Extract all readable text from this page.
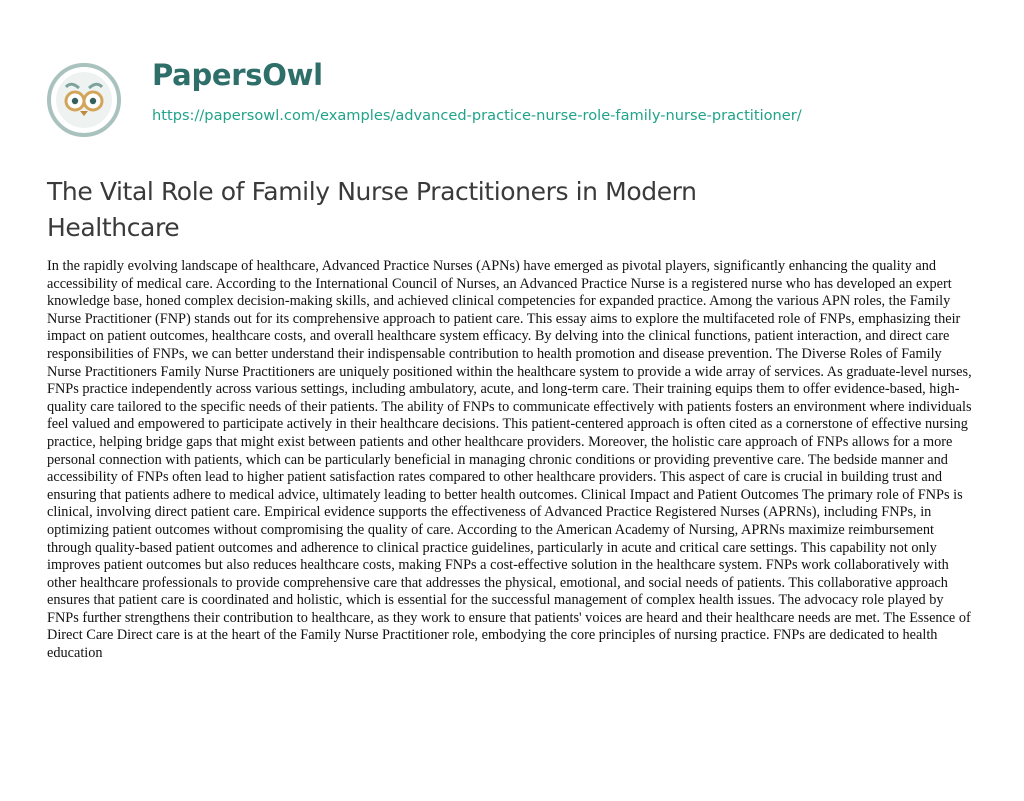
PapersOwl
https://papersowl.com/examples/advanced-practice-nurse-role-family-nurse-practitioner/
The Vital Role of Family Nurse Practitioners in Modern Healthcare

In the rapidly evolving landscape of healthcare, Advanced Practice Nurses (APNs) have emerged as pivotal players, significantly enhancing the quality and accessibility of medical care. According to the International Council of Nurses, an Advanced Practice Nurse is a registered nurse who has developed an expert knowledge base, honed complex decision-making skills, and achieved clinical competencies for expanded practice. Among the various APN roles, the Family Nurse Practitioner (FNP) stands out for its comprehensive approach to patient care. This essay aims to explore the multifaceted role of FNPs, emphasizing their impact on patient outcomes, healthcare costs, and overall healthcare system efficacy. By delving into the clinical functions, patient interaction, and direct care responsibilities of FNPs, we can better understand their indispensable contribution to health promotion and disease prevention. The Diverse Roles of Family Nurse Practitioners Family Nurse Practitioners are uniquely positioned within the healthcare system to provide a wide array of services. As graduate-level nurses, FNPs practice independently across various settings, including ambulatory, acute, and long-term care. Their training equips them to offer evidence-based, high-quality care tailored to the specific needs of their patients. The ability of FNPs to communicate effectively with patients fosters an environment where individuals feel valued and empowered to participate actively in their healthcare decisions. This patient-centered approach is often cited as a cornerstone of effective nursing practice, helping bridge gaps that might exist between patients and other healthcare providers. Moreover, the holistic care approach of FNPs allows for a more personal connection with patients, which can be particularly beneficial in managing chronic conditions or providing preventive care. The bedside manner and accessibility of FNPs often lead to higher patient satisfaction rates compared to other healthcare providers. This aspect of care is crucial in building trust and ensuring that patients adhere to medical advice, ultimately leading to better health outcomes. Clinical Impact and Patient Outcomes The primary role of FNPs is clinical, involving direct patient care. Empirical evidence supports the effectiveness of Advanced Practice Registered Nurses (APRNs), including FNPs, in optimizing patient outcomes without compromising the quality of care. According to the American Academy of Nursing, APRNs maximize reimbursement through quality-based patient outcomes and adherence to clinical practice guidelines, particularly in acute and critical care settings. This capability not only improves patient outcomes but also reduces healthcare costs, making FNPs a cost-effective solution in the healthcare system. FNPs work collaboratively with other healthcare professionals to provide comprehensive care that addresses the physical, emotional, and social needs of patients. This collaborative approach ensures that patient care is coordinated and holistic, which is essential for the successful management of complex health issues. The advocacy role played by FNPs further strengthens their contribution to healthcare, as they work to ensure that patients' voices are heard and their healthcare needs are met. The Essence of Direct Care Direct care is at the heart of the Family Nurse Practitioner role, embodying the core principles of nursing practice. FNPs are dedicated to health education
